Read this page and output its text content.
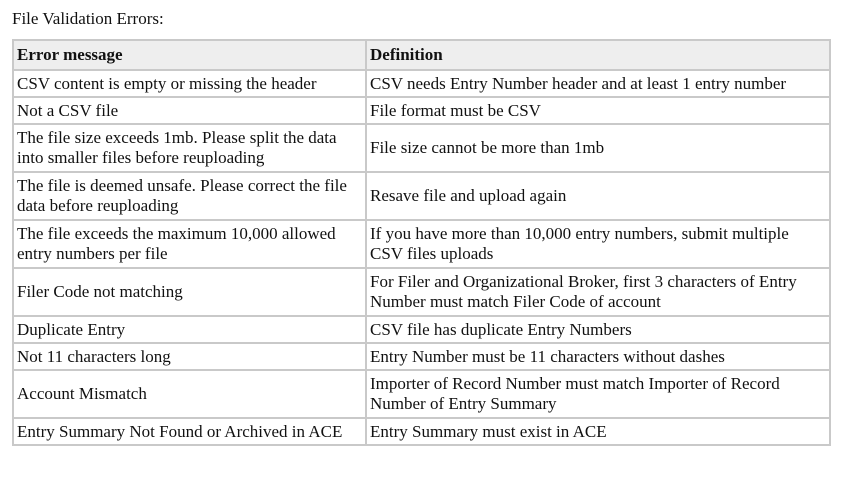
File Validation Errors:
Error message	Definition
CSV content is empty or missing the header	CSV needs Entry Number header and at least 1 entry number
Not a CSV file	File format must be CSV
The file size exceeds 1mb. Please split the data into smaller files before reuploading	File size cannot be more than 1mb
The file is deemed unsafe. Please correct the file data before reuploading	Resave file and upload again
The file exceeds the maximum 10,000 allowed entry numbers per file	If you have more than 10,000 entry numbers, submit multiple CSV files uploads
Filer Code not matching	For Filer and Organizational Broker, first 3 characters of Entry Number must match Filer Code of account
Duplicate Entry	CSV file has duplicate Entry Numbers
Not 11 characters long	Entry Number must be 11 characters without dashes
Account Mismatch	Importer of Record Number must match Importer of Record Number of Entry Summary
Entry Summary Not Found or Archived in ACE	Entry Summary must exist in ACE
